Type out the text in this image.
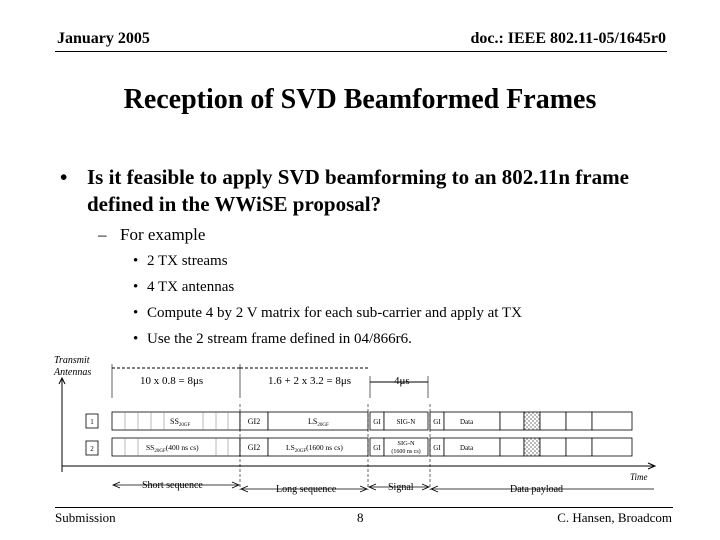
January 2005	doc.: IEEE 802.11-05/1645r0
Reception of SVD Beamformed Frames
• Is it feasible to apply SVD beamforming to an 802.11n frame defined in the WWiSE proposal?
– For example
• 2 TX streams
• 4 TX antennas
• Compute 4 by 2 V matrix for each sub-carrier and apply at TX
• Use the 2 stream frame defined in 04/866r6.
Transmit
Antennas
10 x 0.8 = 8μs	1.6 + 2 x 3.2 = 8μs	4μs
1
2
$SS_{20GF}$	GI2	$LS_{20GF}$	GI SIG-N	GI	Data
$SS_{20GF}(400$ ns cs)	GI2	$LS_{20GF}(1600$ ns cs)	GI
SIG-N
(1600 ns cs) GI	Data
Time
Short sequence	Long sequence	Signal	Data payload
Submission	8	C. Hansen, Broadcom
